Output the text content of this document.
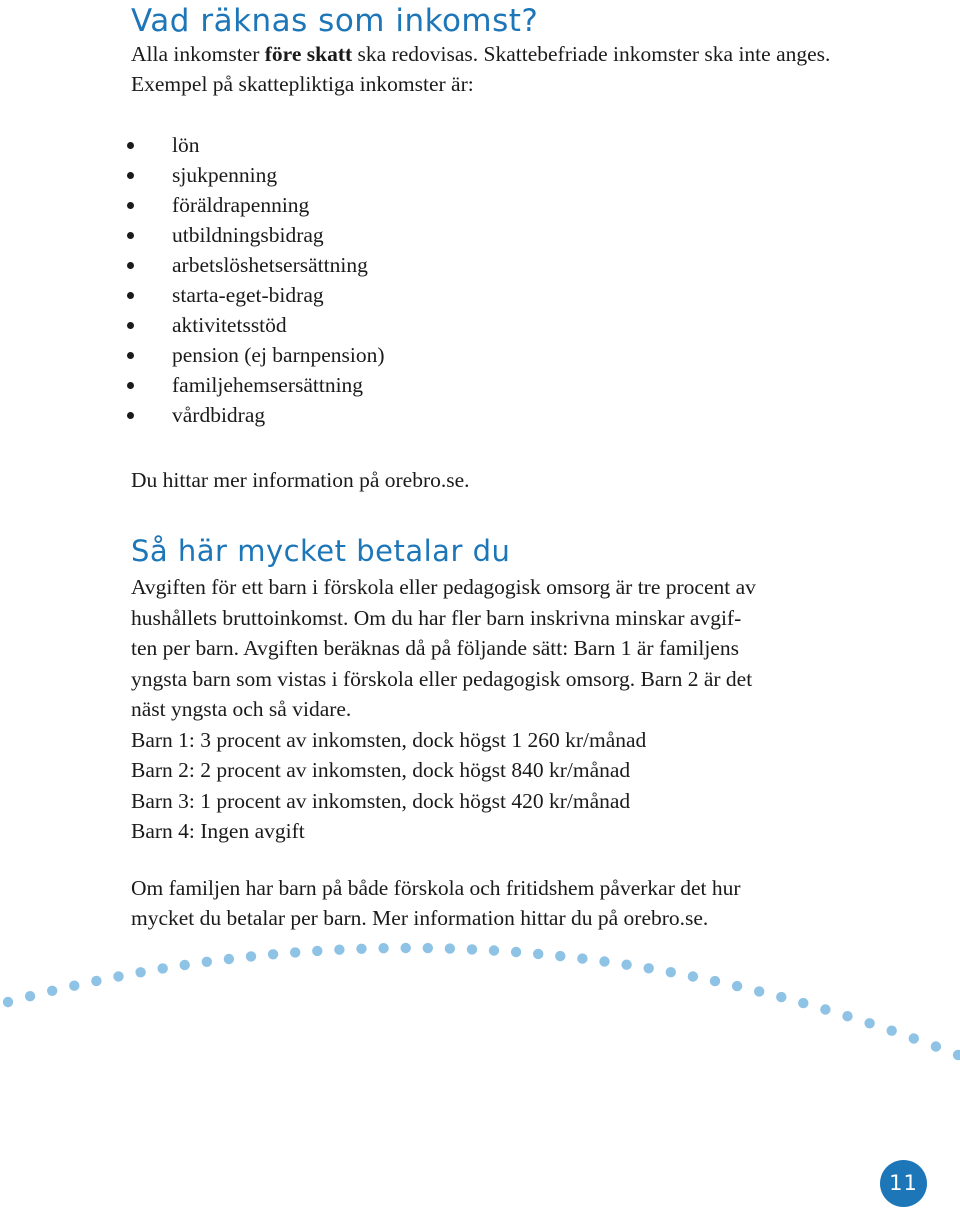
Vad räknas som inkomst?

Alla inkomster före skatt ska redovisas. Skattebefriade inkomster ska inte anges. Exempel på skattepliktiga inkomster är:

lön
sjukpenning
föräldrapenning
utbildningsbidrag
arbetslöshetsersättning
starta-eget-bidrag
aktivitetsstöd
pension (ej barnpension)
familjehemsersättning
vårdbidrag

Du hittar mer information på orebro.se.

Så här mycket betalar du

Avgiften för ett barn i förskola eller pedagogisk omsorg är tre procent av
hushållets bruttoinkomst. Om du har fler barn inskrivna minskar avgif-
ten per barn. Avgiften beräknas då på följande sätt: Barn 1 är familjens
yngsta barn som vistas i förskola eller pedagogisk omsorg. Barn 2 är det
näst yngsta och så vidare.
Barn 1: 3 procent av inkomsten, dock högst 1 260 kr/månad
Barn 2: 2 procent av inkomsten, dock högst 840 kr/månad
Barn 3: 1 procent av inkomsten, dock högst 420 kr/månad
Barn 4: Ingen avgift

Om familjen har barn på både förskola och fritidshem påverkar det hur
mycket du betalar per barn. Mer information hittar du på orebro.se.

11
